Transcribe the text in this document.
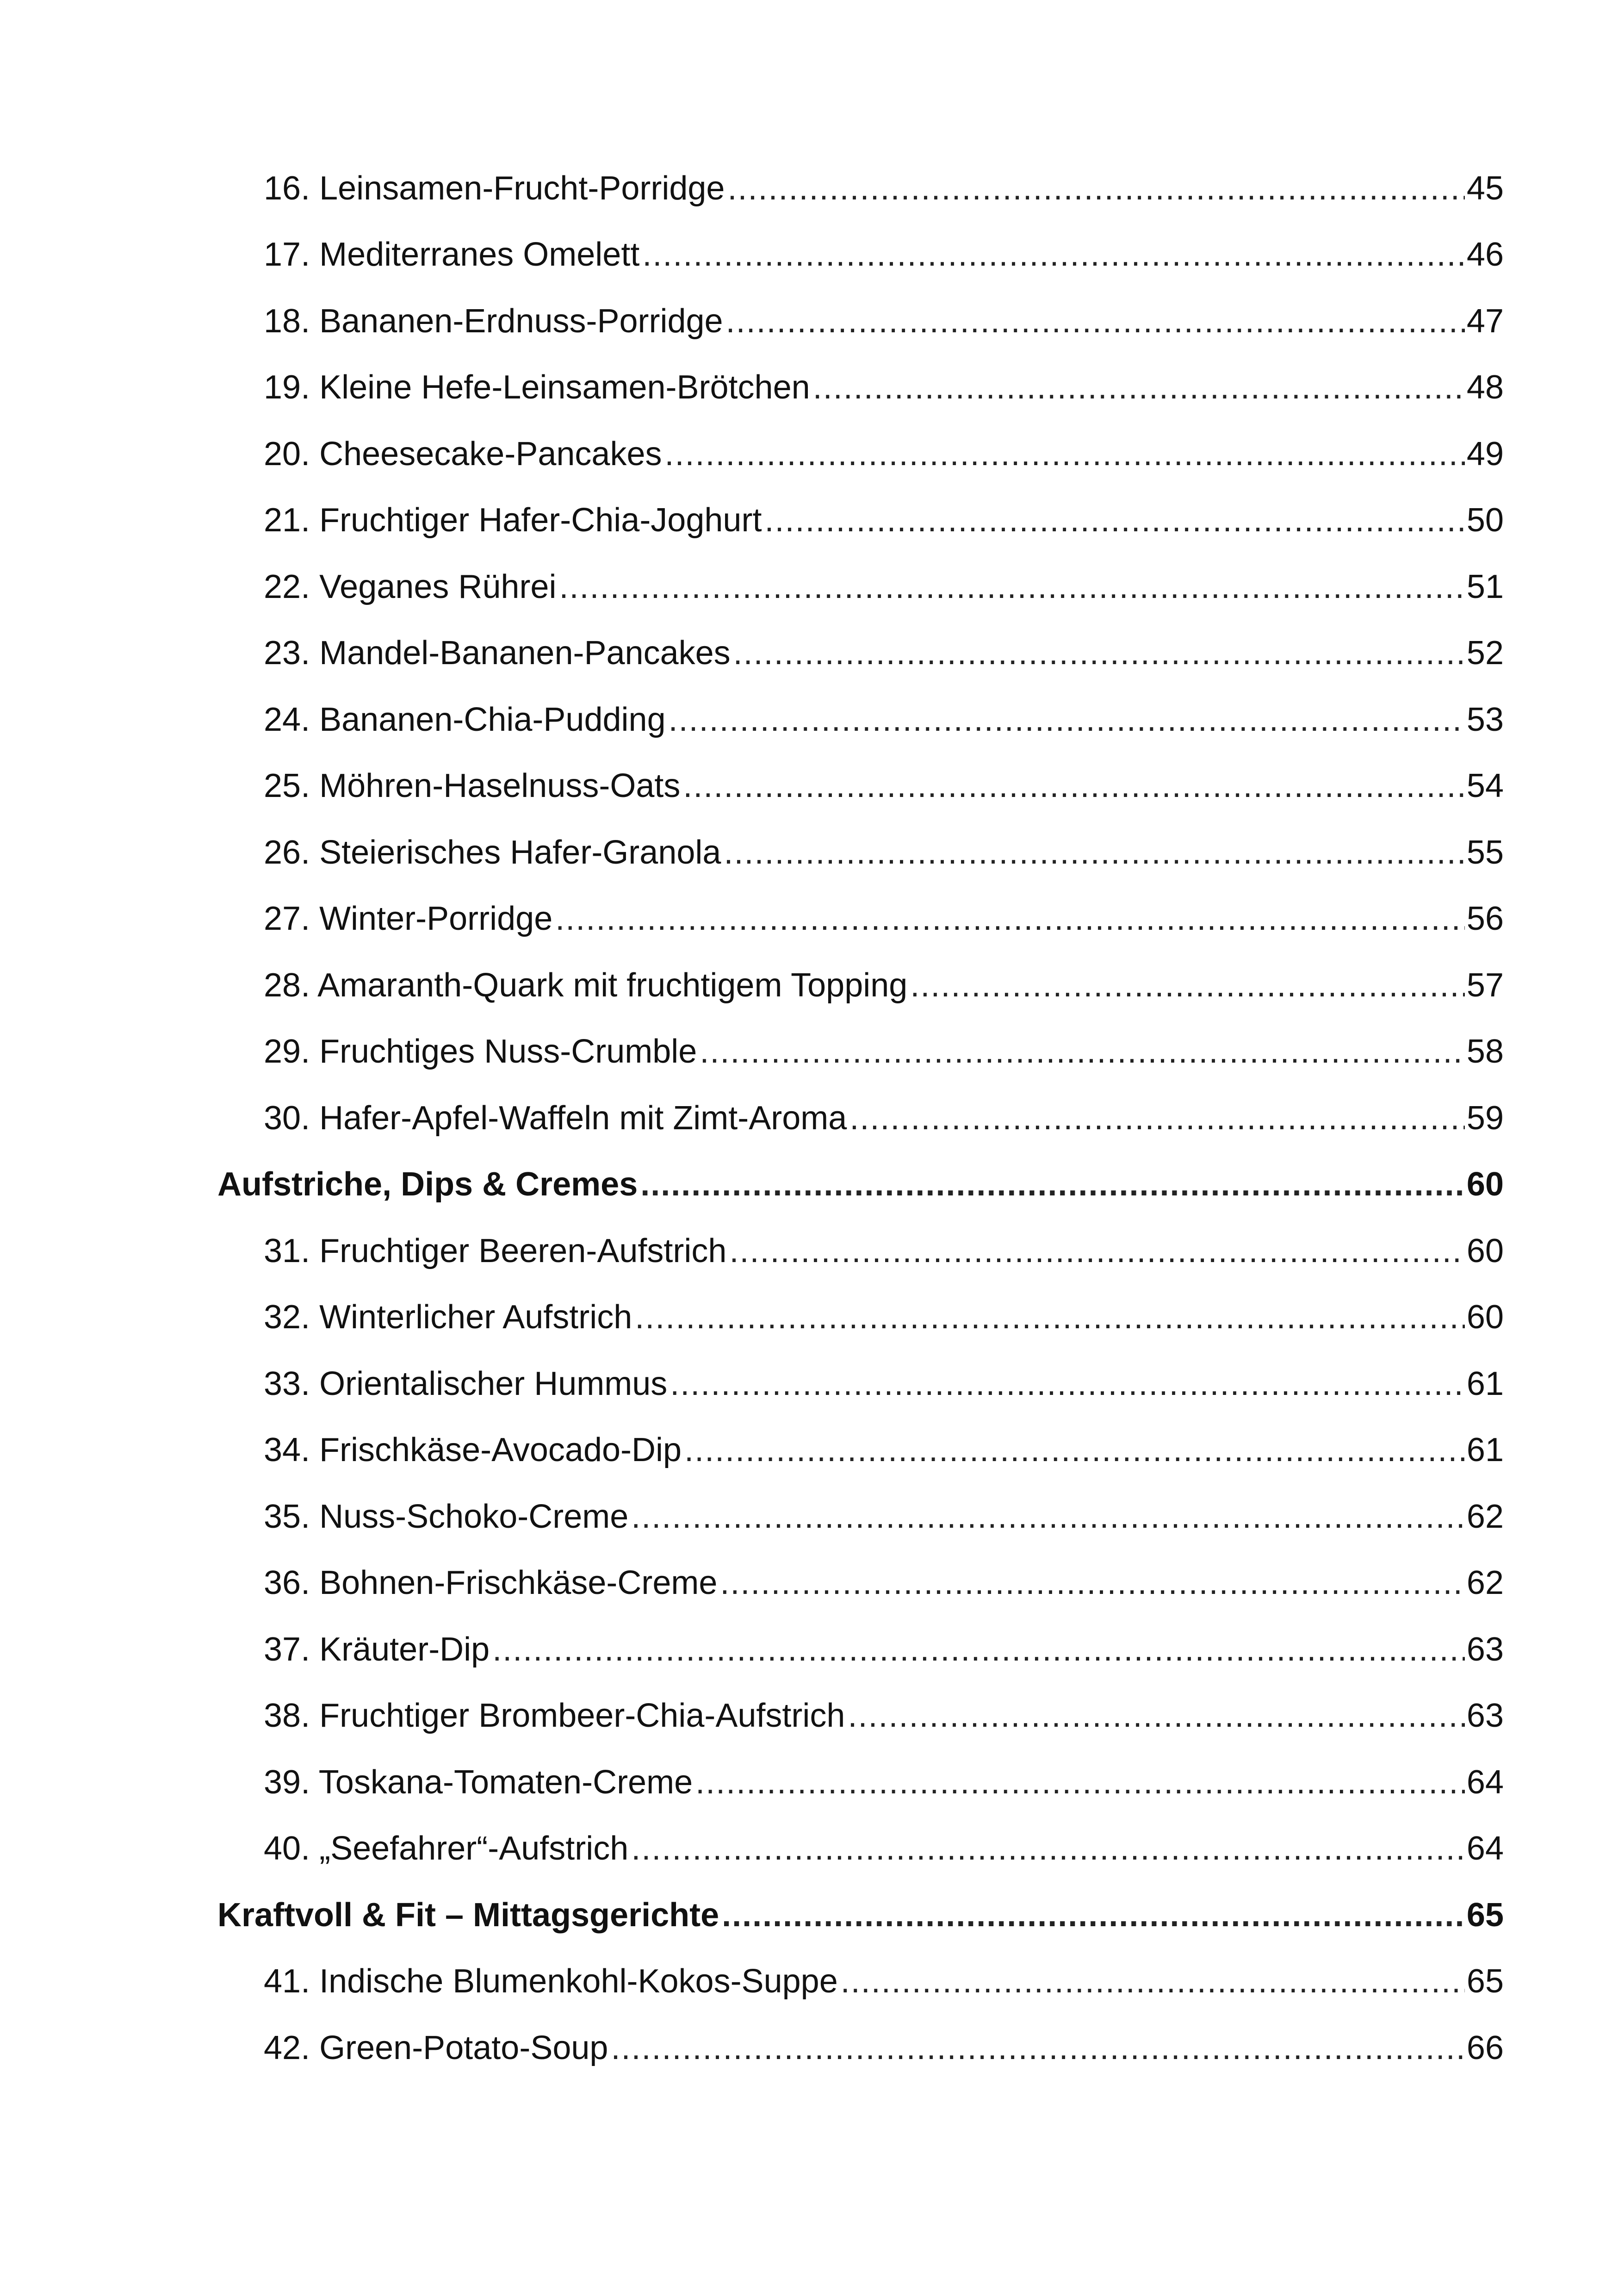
16. Leinsamen-Frucht-Porridge .....	45
17. Mediterranes Omelett .....	46
18. Bananen-Erdnuss-Porridge .....	47
19. Kleine Hefe-Leinsamen-Brötchen .....	48
20. Cheesecake-Pancakes .....	49
21. Fruchtiger Hafer-Chia-Joghurt .....	50
22. Veganes Rührei .....	51
23. Mandel-Bananen-Pancakes .....	52
24. Bananen-Chia-Pudding .....	53
25. Möhren-Haselnuss-Oats .....	54
26. Steierisches Hafer-Granola .....	55
27. Winter-Porridge .....	56
28. Amaranth-Quark mit fruchtigem Topping .....	57
29. Fruchtiges Nuss-Crumble .....	58
30. Hafer-Apfel-Waffeln mit Zimt-Aroma .....	59
Aufstriche, Dips & Cremes .....	60
31. Fruchtiger Beeren-Aufstrich .....	60
32. Winterlicher Aufstrich .....	60
33. Orientalischer Hummus .....	61
34. Frischkäse-Avocado-Dip .....	61
35. Nuss-Schoko-Creme .....	62
36. Bohnen-Frischkäse-Creme .....	62
37. Kräuter-Dip .....	63
38. Fruchtiger Brombeer-Chia-Aufstrich .....	63
39. Toskana-Tomaten-Creme .....	64
40. „Seefahrer“-Aufstrich .....	64
Kraftvoll & Fit – Mittagsgerichte .....	65
41. Indische Blumenkohl-Kokos-Suppe .....	65
42. Green-Potato-Soup .....	66
